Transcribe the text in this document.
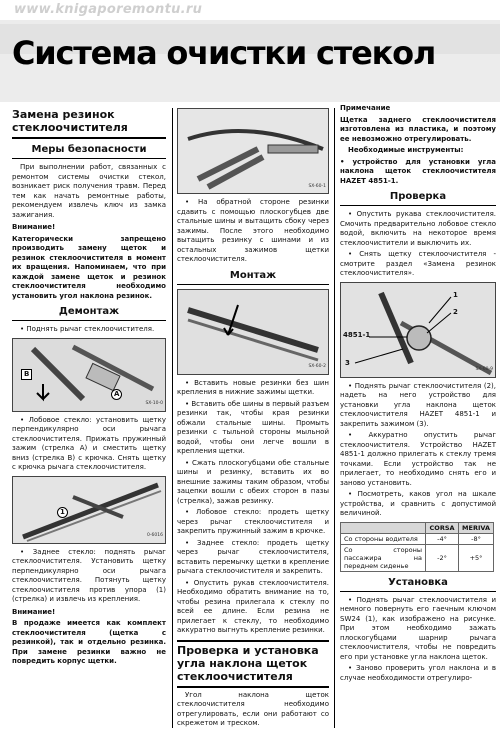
www.knigaporemontu.ru
Система очистки стекол
Замена резинок стеклоочистителя
Меры безопасности

При выполнении работ, связанных с ремонтом системы очистки стекол, возникает риск получения травм. Перед тем как начать ремонтные работы, рекомендуем извлечь ключ из замка зажигания.

Внимание!

Категорически запрещено производить замену щеток и резинок стеклоочистителя в момент их вращения. Напоминаем, что при каждой замене щеток и резинок стеклоочистителя необходимо установить угол наклона резинок.

Демонтаж

• Поднять рычаг стеклоочистителя.

B
A
SX-10-0

• Лобовое стекло: установить щетку перпендикулярно оси рычага стеклоочистителя. Прижать пружинный зажим (стрелка А) и сместить щетку вниз (стрелка В) с крючка. Снять щетку с крючка рычага стеклоочистителя.

1
0-6016

• Заднее стекло: поднять рычаг стеклоочистителя. Установить щетку перпендикулярно оси рычага стеклоочистителя. Потянуть щетку стеклоочистителя против упора (1) (стрелка) и извлечь из крепления.

Внимание!

В продаже имеется как комплект стеклоочистителя (щетка с резинкой), так и отдельно резинка. При замене резинки важно не повредить корпус щетки.

SX-60-1

• На обратной стороне резинки сдавить с помощью плоскогубцев две стальные шины и вытащить сбоку через зажимы. После этого необходимо вытащить резинку с шинами и из остальных зажимов щетки стеклоочистителя.

Монтаж
SX-60-2

• Вставить новые резинки без шин крепления в нижние зажимы щетки.

• Вставить обе шины в первый разъем резинки так, чтобы края резинки обжали стальные шины. Промыть резинки с тыльной стороны мыльной водой, чтобы они легче вошли в крепления щетки.

• Сжать плоскогубцами обе стальные шины и резинку, вставить их во внешние зажимы таким образом, чтобы зацепки вошли с обеих сторон в пазы (стрелка), зажав резинку.

• Лобовое стекло: продеть щетку через рычаг стеклоочистителя и закрепить пружинный зажим в крючке.

• Заднее стекло: продеть щетку через рычаг стеклоочистителя, вставить перемычку щетки в крепление рычага стеклоочистителя и закрепить.

• Опустить рукав стеклоочистителя. Необходимо обратить внимание на то, чтобы резина прилегала к стеклу по всей ее длине. Если резина не прилегает к стеклу, то необходимо аккуратно выгнуть крепление резинки.

Проверка и установка угла наклона щеток стеклоочистителя

Угол наклона щеток стеклоочистителя необходимо отрегулировать, если они работают со скрежетом и треском.

Примечание

Щетка заднего стеклоочистителя изготовлена из пластика, и поэтому ее невозможно отрегулировать.

Необходимые инструменты:

• устройство для установки угла наклона щеток стеклоочистителя HAZET 4851-1.

Проверка

• Опустить рукава стеклоочистителя. Смочить предварительно лобовое стекло водой, включить на некоторое время стеклоочистители и выключить их.

• Снять щетку стеклоочистителя - смотрите раздел «Замена резинок стеклоочистителя».

1
2
3
4851-1
SX-60-9

• Поднять рычаг стеклоочистителя (2), надеть на него устройство для установки угла наклона щеток стеклоочистителя HAZET 4851-1 и закрепить зажимом (3).

• Аккуратно опустить рычаг стеклоочистителя. Устройство HAZET 4851-1 должно прилегать к стеклу тремя точками. Если устройство так не прилегает, то необходимо снять его и заново установить.

• Посмотреть, каков угол на шкале устройства, и сравнить с допустимой величиной.

	CORSA	MERIVA
Со стороны водителя	-4°	-8°
Со стороны пассажира на переднем сиденье	-2°	+5°
Установка

• Поднять рычаг стеклоочистителя и немного повернуть его гаечным ключом SW24 (1), как изображено на рисунке. При этом необходимо зажать плоскогубцами шарнир рычага стеклоочистителя, чтобы не повредить его при установке угла наклона щеток.

• Заново проверить угол наклона и в случае необходимости отрегулиро-
